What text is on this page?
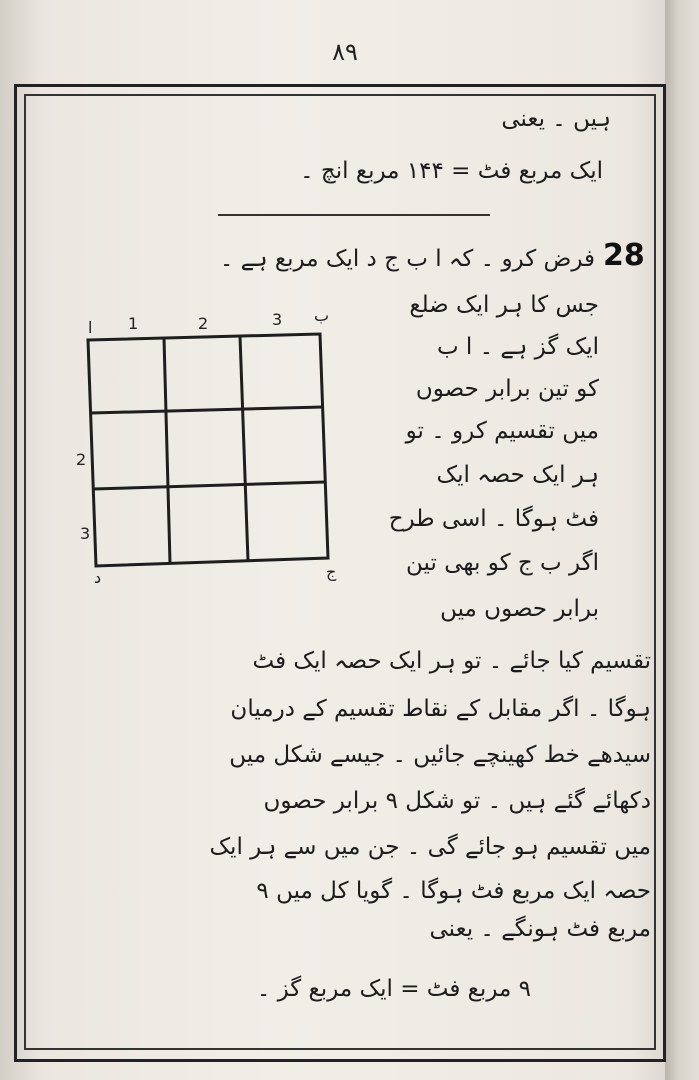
٨٩
ہیں ۔ یعنی
ایک مربع فٹ = ۱۴۴ مربع انچ ۔
28
فرض کرو ۔ کہ ا ب ج د ایک مربع ہے ۔
جس کا ہر ایک ضلع
ایک گز ہے ۔ ا ب
کو تین برابر حصوں
میں تقسیم کرو ۔ تو
ہر ایک حصہ ایک
فٹ ہوگا ۔ اسی طرح
اگر ب ج کو بھی تین
برابر حصوں میں
ا 1	2	3 ب
2
3
د	ج
تقسیم کیا جائے ۔ تو ہر ایک حصہ ایک فٹ
ہوگا ۔ اگر مقابل کے نقاط تقسیم کے درمیان
سیدھے خط کھینچے جائیں ۔ جیسے شکل میں
دکھائے گئے ہیں ۔ تو شکل ۹ برابر حصوں
میں تقسیم ہو جائے گی ۔ جن میں سے ہر ایک
حصہ ایک مربع فٹ ہوگا ۔ گویا کل میں ۹
مربع فٹ ہونگے ۔ یعنی
۹ مربع فٹ = ایک مربع گز ۔
